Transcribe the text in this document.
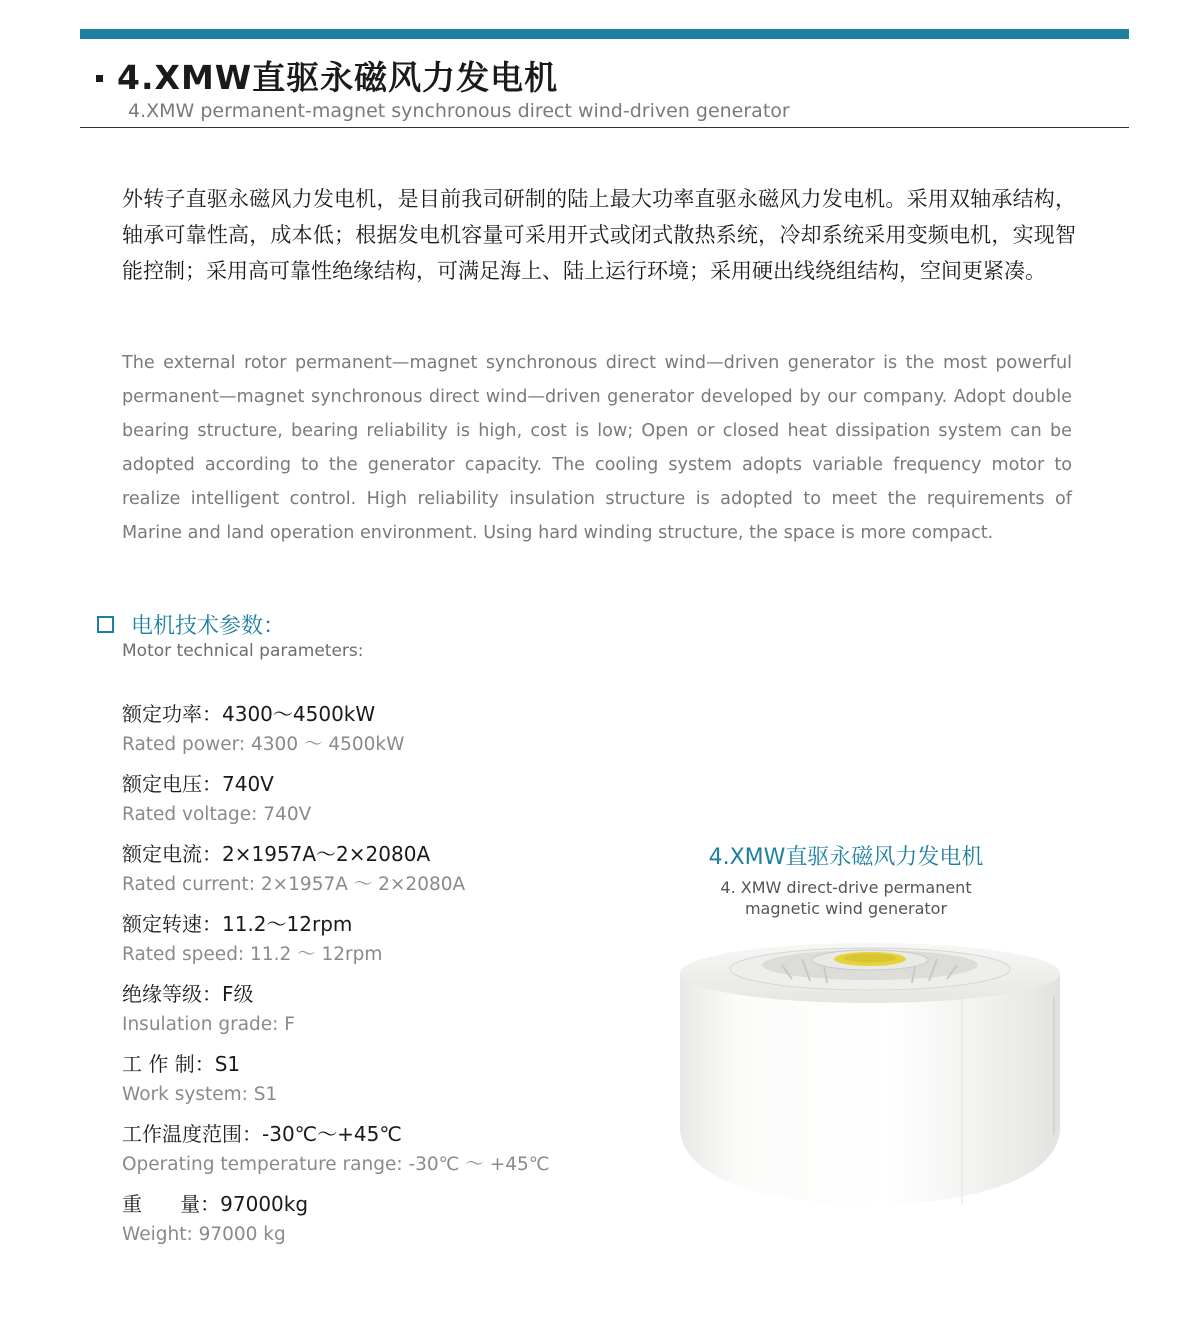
4.XMW直驱永磁风力发电机
4.XMW permanent-magnet synchronous direct wind-driven generator

外转子直驱永磁风力发电机，是目前我司研制的陆上最大功率直驱永磁风力发电机。采用双轴承结构，轴承可靠性高，成本低；根据发电机容量可采用开式或闭式散热系统，冷却系统采用变频电机，实现智能控制；采用高可靠性绝缘结构，可满足海上、陆上运行环境；采用硬出线绕组结构，空间更紧凑。

The external rotor permanent—magnet synchronous direct wind—driven generator is the most powerful permanent—magnet synchronous direct wind—driven generator developed by our company. Adopt double bearing structure, bearing reliability is high, cost is low; Open or closed heat dissipation system can be adopted according to the generator capacity. The cooling system adopts variable frequency motor to realize intelligent control. High reliability insulation structure is adopted to meet the requirements of Marine and land operation environment. Using hard winding structure, the space is more compact.

电机技术参数：
Motor technical parameters:
额定功率：4300～4500kW
Rated power: 4300 ～ 4500kW
额定电压：740V
Rated voltage: 740V
额定电流：2×1957A～2×2080A
Rated current: 2×1957A ～ 2×2080A
额定转速：11.2～12rpm
Rated speed: 11.2 ～ 12rpm
绝缘等级：F级
Insulation grade: F
工 作 制：S1
Work system: S1
工作温度范围：-30℃～+45℃
Operating temperature range: -30℃ ～ +45℃
重      量：97000kg
Weight: 97000 kg
4.XMW直驱永磁风力发电机
4. XMW direct-drive permanent
magnetic wind generator
